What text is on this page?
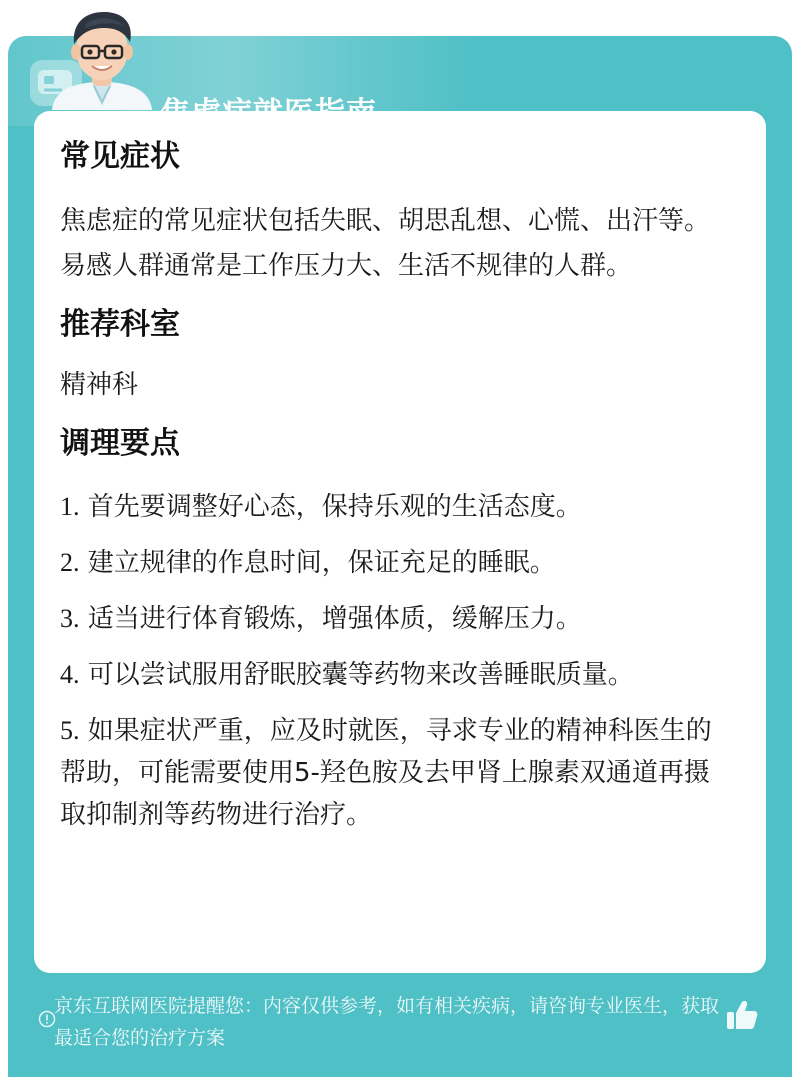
常见症状

焦虑症的常见症状包括失眠、胡思乱想、心慌、出汗等。易感人群通常是工作压力大、生活不规律的人群。

推荐科室

精神科

调理要点

1. 首先要调整好心态，保持乐观的生活态度。

2. 建立规律的作息时间，保证充足的睡眠。

3. 适当进行体育锻炼，增强体质，缓解压力。

4. 可以尝试服用舒眠胶囊等药物来改善睡眠质量。

5. 如果症状严重，应及时就医，寻求专业的精神科医生的帮助，可能需要使用5-羟色胺及去甲肾上腺素双通道再摄取抑制剂等药物进行治疗。

京东互联网医院提醒您：内容仅供参考，如有相关疾病，请咨询专业医生，获取最适合您的治疗方案
